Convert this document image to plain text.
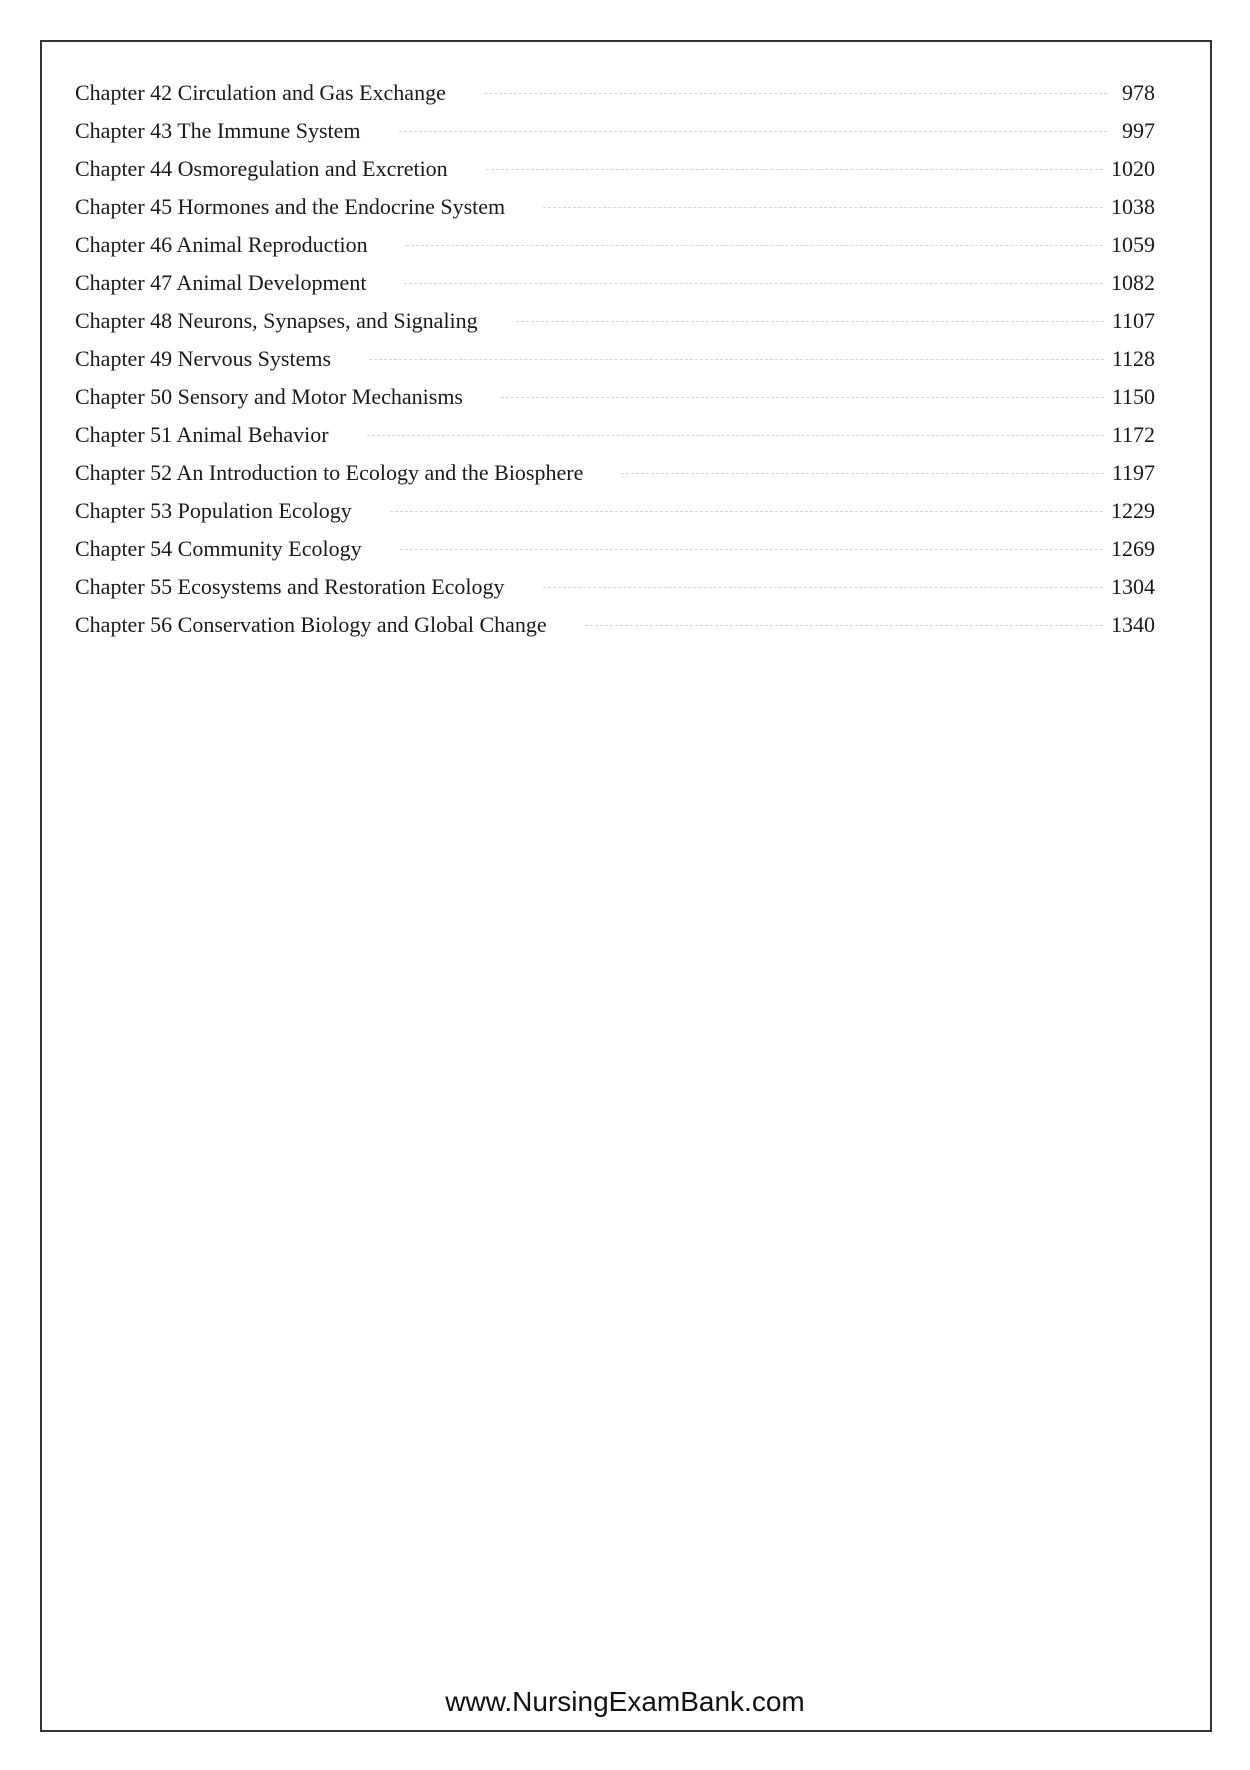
Chapter 42 Circulation and Gas Exchange	978
Chapter 43 The Immune System	997
Chapter 44 Osmoregulation and Excretion	1020
Chapter 45 Hormones and the Endocrine System	1038
Chapter 46 Animal Reproduction	1059
Chapter 47 Animal Development	1082
Chapter 48 Neurons, Synapses, and Signaling	1107
Chapter 49 Nervous Systems	1128
Chapter 50 Sensory and Motor Mechanisms	1150
Chapter 51 Animal Behavior	1172
Chapter 52 An Introduction to Ecology and the Biosphere	1197
Chapter 53 Population Ecology	1229
Chapter 54 Community Ecology	1269
Chapter 55 Ecosystems and Restoration Ecology	1304
Chapter 56 Conservation Biology and Global Change	1340
www.NursingExamBank.com
